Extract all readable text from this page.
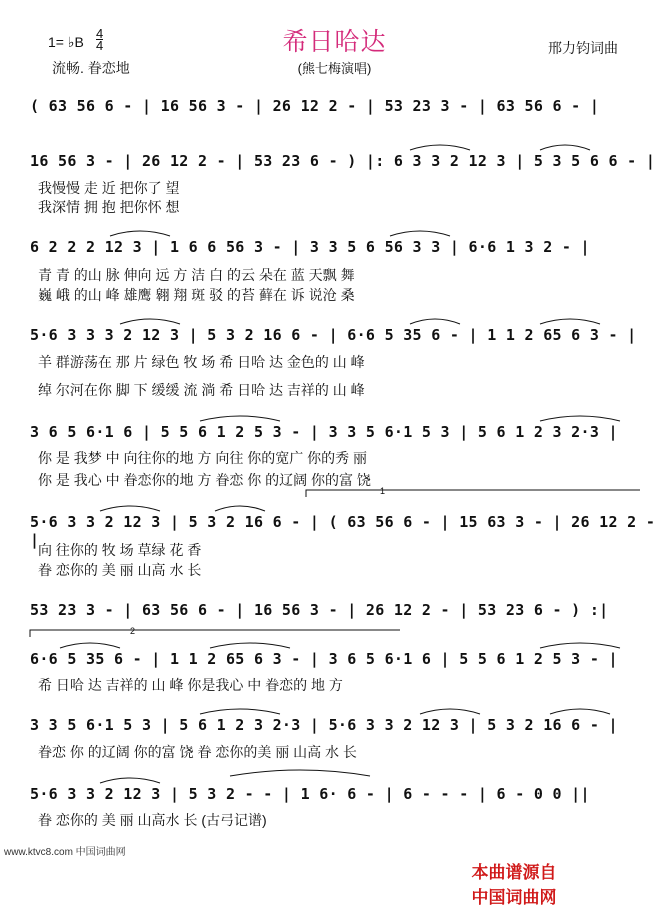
希日哈达
1= ♭B $\frac{4}{4}$
流畅. 眷恋地
邢力钧词曲
(熊七梅演唱)
( 63 56 6 - | 16 56 3 - | 26 12 2 - | 53 23 3 - | 63 56 6 - |
16 56 3 - | 26 12 2 - | 53 23 6 - ) |: 6 3 3 2 12 3 | 5 3 5 6 6 - |
我慢慢 走 近 把你了 望
我深情 拥 抱 把你怀 想
6 2 2 2 12 3 | 1 6 6 56 3 - | 3 3 5 6 56 3 3 | 6·6 1 3 2 - |
青 青 的山 脉 伸向 远 方 洁 白 的云 朵在 蓝 天飘 舞
巍 峨 的山 峰 雄鹰 翱 翔 斑 驳 的苔 藓在 诉 说沧 桑
5·6 3 3 3 2 12 3 | 5 3 2 16 6 - | 6·6 5 35 6 - | 1 1 2 65 6 3 - |
羊 群游荡在 那 片 绿色 牧 场 希 日哈 达 金色的 山 峰
绰 尔河在你 脚 下 缓缓 流 淌 希 日哈 达 吉祥的 山 峰
3 6 5 6·1 6 | 5 5 6 1 2 5 3 - | 3 3 5 6·1 5 3 | 5 6 1 2 3 2·3 |
你 是 我梦 中 向往你的地 方 向往 你的宽广 你的秀 丽
你 是 我心 中 眷恋你的地 方 眷恋 你 的辽阔 你的富 饶
5·6 3 3 2 12 3 | 5 3 2 16 6 - | ( 63 56 6 - | 15 63 3 - | 26 12 2 - |
向 往你的 牧 场 草绿 花 香
眷 恋你的 美 丽 山高 水 长
53 23 3 - | 63 56 6 - | 16 56 3 - | 26 12 2 - | 53 23 6 - ) :|
6·6 5 35 6 - | 1 1 2 65 6 3 - | 3 6 5 6·1 6 | 5 5 6 1 2 5 3 - |
希 日哈 达 吉祥的 山 峰 你是我心 中 眷恋的 地 方
3 3 5 6·1 5 3 | 5 6 1 2 3 2·3 | 5·6 3 3 2 12 3 | 5 3 2 16 6 - |
眷恋 你 的辽阔 你的富 饶 眷 恋你的美 丽 山高 水 长
5·6 3 3 2 12 3 | 5 3 2 - - | 1 6· 6 - | 6 - - - | 6 - 0 0 ||
眷 恋你的 美 丽 山高水 长 (古弓记谱)
1
2
www.ktvc8.com 中国词曲网

本曲谱源自
中国词曲网
